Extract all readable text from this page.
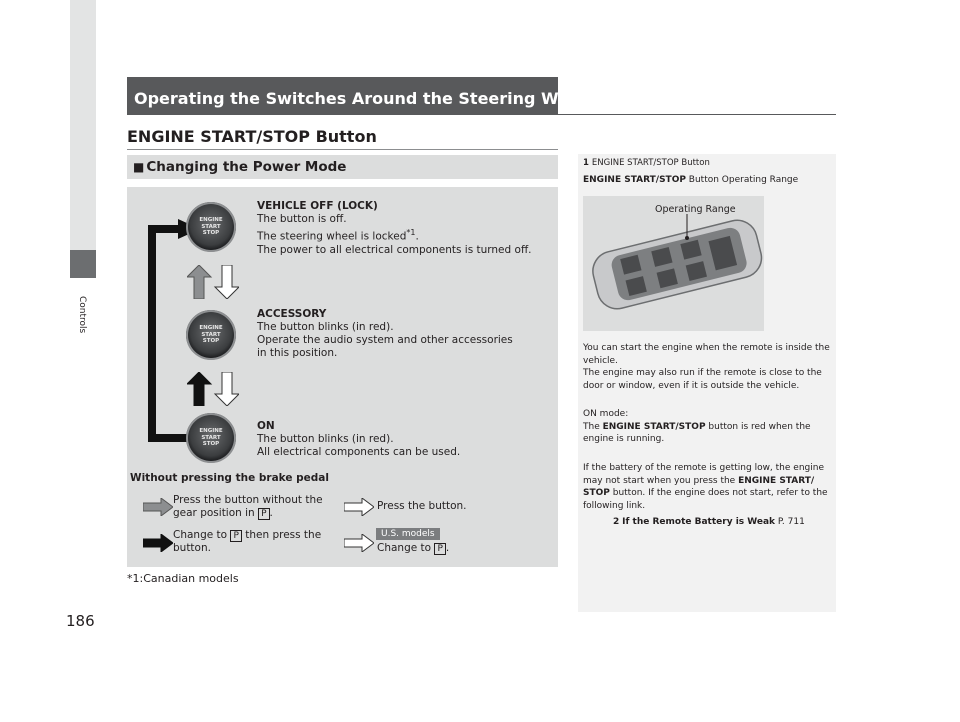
Controls
186
Operating the Switches Around the Steering Wheel
ENGINE START/STOP Button
■ Changing the Power Mode
ENGINE
START
STOP
ENGINE
START
STOP
ENGINE
START
STOP
VEHICLE OFF (LOCK)
The button is off.
The steering wheel is locked$^{*1}$.
The power to all electrical components is turned off.
ACCESSORY
The button blinks (in red).
Operate the audio system and other accessories
in this position.
ON
The button blinks (in red).
All electrical components can be used.
Without pressing the brake pedal
Press the button without the
gear position in P .
Press the button.
Change to P then press the
button.
U.S. models
Change to P .
*1:Canadian models
1 ENGINE START/STOP Button
ENGINE START/STOP Button Operating Range
Operating Range
You can start the engine when the remote is inside the vehicle.
The engine may also run if the remote is close to the door or window, even if it is outside the vehicle.
ON mode:
The ENGINE START/STOP button is red when the engine is running.
If the battery of the remote is getting low, the engine may not start when you press the ENGINE START/ STOP button. If the engine does not start, refer to the following link.
2 If the Remote Battery is Weak P. 711
